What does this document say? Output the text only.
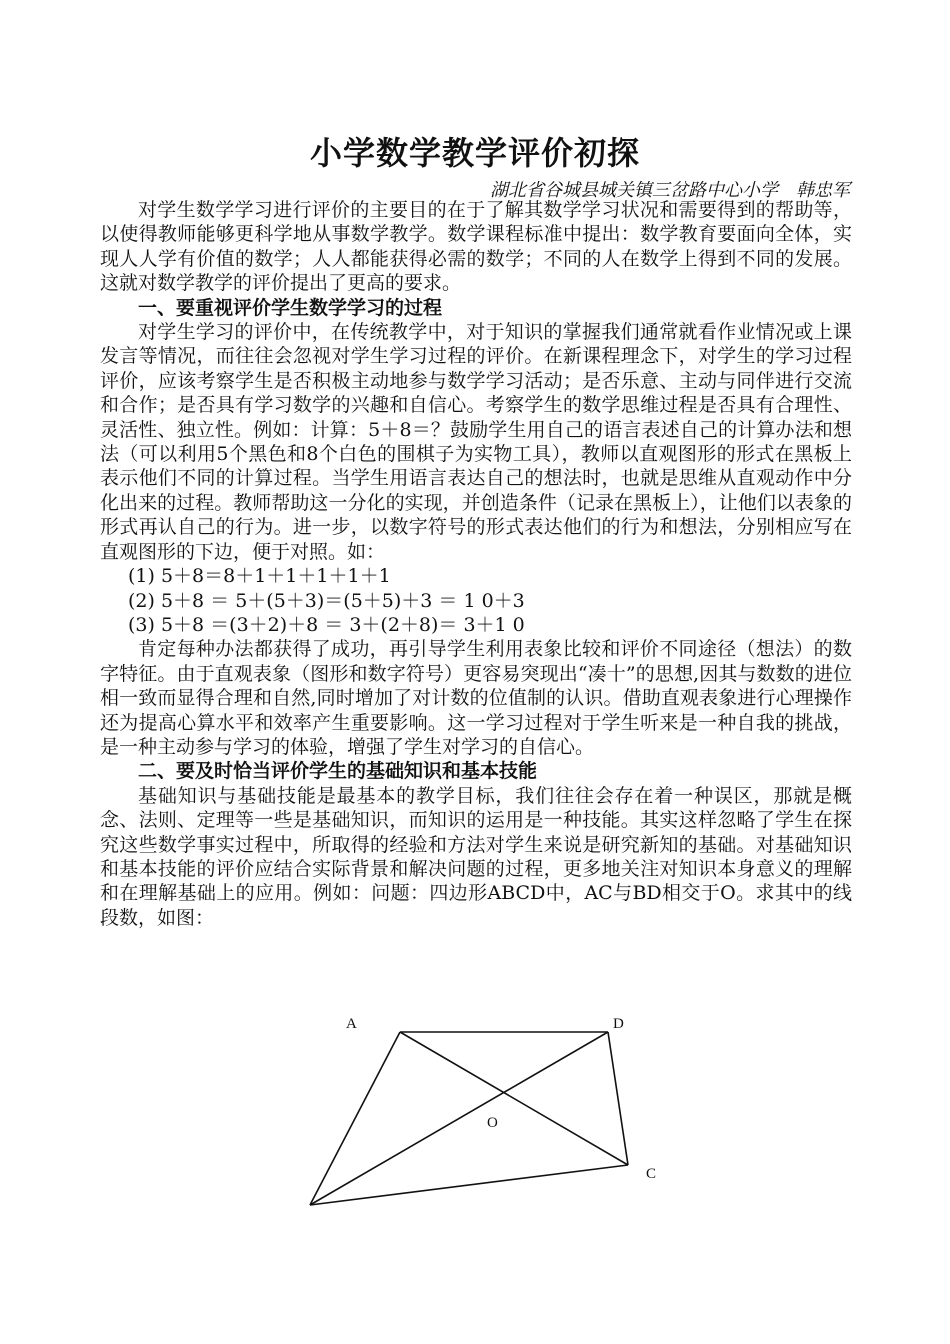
小学数学教学评价初探
湖北省谷城县城关镇三岔路中心小学　韩忠军

对学生数学学习进行评价的主要目的在于了解其数学学习状况和需要得到的帮助等，以使得教师能够更科学地从事数学教学。数学课程标准中提出：数学教育要面向全体，实现人人学有价值的数学；人人都能获得必需的数学；不同的人在数学上得到不同的发展。这就对数学教学的评价提出了更高的要求。

一、要重视评价学生数学学习的过程

对学生学习的评价中，在传统教学中，对于知识的掌握我们通常就看作业情况或上课发言等情况，而往往会忽视对学生学习过程的评价。在新课程理念下，对学生的学习过程评价，应该考察学生是否积极主动地参与数学学习活动；是否乐意、主动与同伴进行交流和合作；是否具有学习数学的兴趣和自信心。考察学生的数学思维过程是否具有合理性、灵活性、独立性。例如：计算：5＋8＝？鼓励学生用自己的语言表述自己的计算办法和想法（可以利用5个黑色和8个白色的围棋子为实物工具），教师以直观图形的形式在黑板上表示他们不同的计算过程。当学生用语言表达自己的想法时，也就是思维从直观动作中分化出来的过程。教师帮助这一分化的实现，并创造条件（记录在黑板上），让他们以表象的形式再认自己的行为。进一步，以数字符号的形式表达他们的行为和想法，分别相应写在直观图形的下边，便于对照。如：

(1) 5＋8＝8＋1＋1＋1＋1＋1

(2) 5＋8 ＝ 5＋(5＋3)＝(5＋5)＋3 ＝ 1 0＋3

(3) 5＋8 ＝(3＋2)＋8 ＝ 3＋(2＋8)＝ 3＋1 0

肯定每种办法都获得了成功，再引导学生利用表象比较和评价不同途径（想法）的数字特征。由于直观表象（图形和数字符号）更容易突现出“凑十”的思想,因其与数数的进位相一致而显得合理和自然,同时增加了对计数的位值制的认识。借助直观表象进行心理操作还为提高心算水平和效率产生重要影响。这一学习过程对于学生听来是一种自我的挑战，是一种主动参与学习的体验，增强了学生对学习的自信心。

二、要及时恰当评价学生的基础知识和基本技能

基础知识与基础技能是最基本的教学目标，我们往往会存在着一种误区，那就是概念、法则、定理等一些是基础知识，而知识的运用是一种技能。其实这样忽略了学生在探究这些数学事实过程中，所取得的经验和方法对学生来说是研究新知的基础。对基础知识和基本技能的评价应结合实际背景和解决问题的过程，更多地关注对知识本身意义的理解和在理解基础上的应用。例如：问题：四边形ABCD中，AC与BD相交于O。求其中的线段数，如图：

A	D
O
C
